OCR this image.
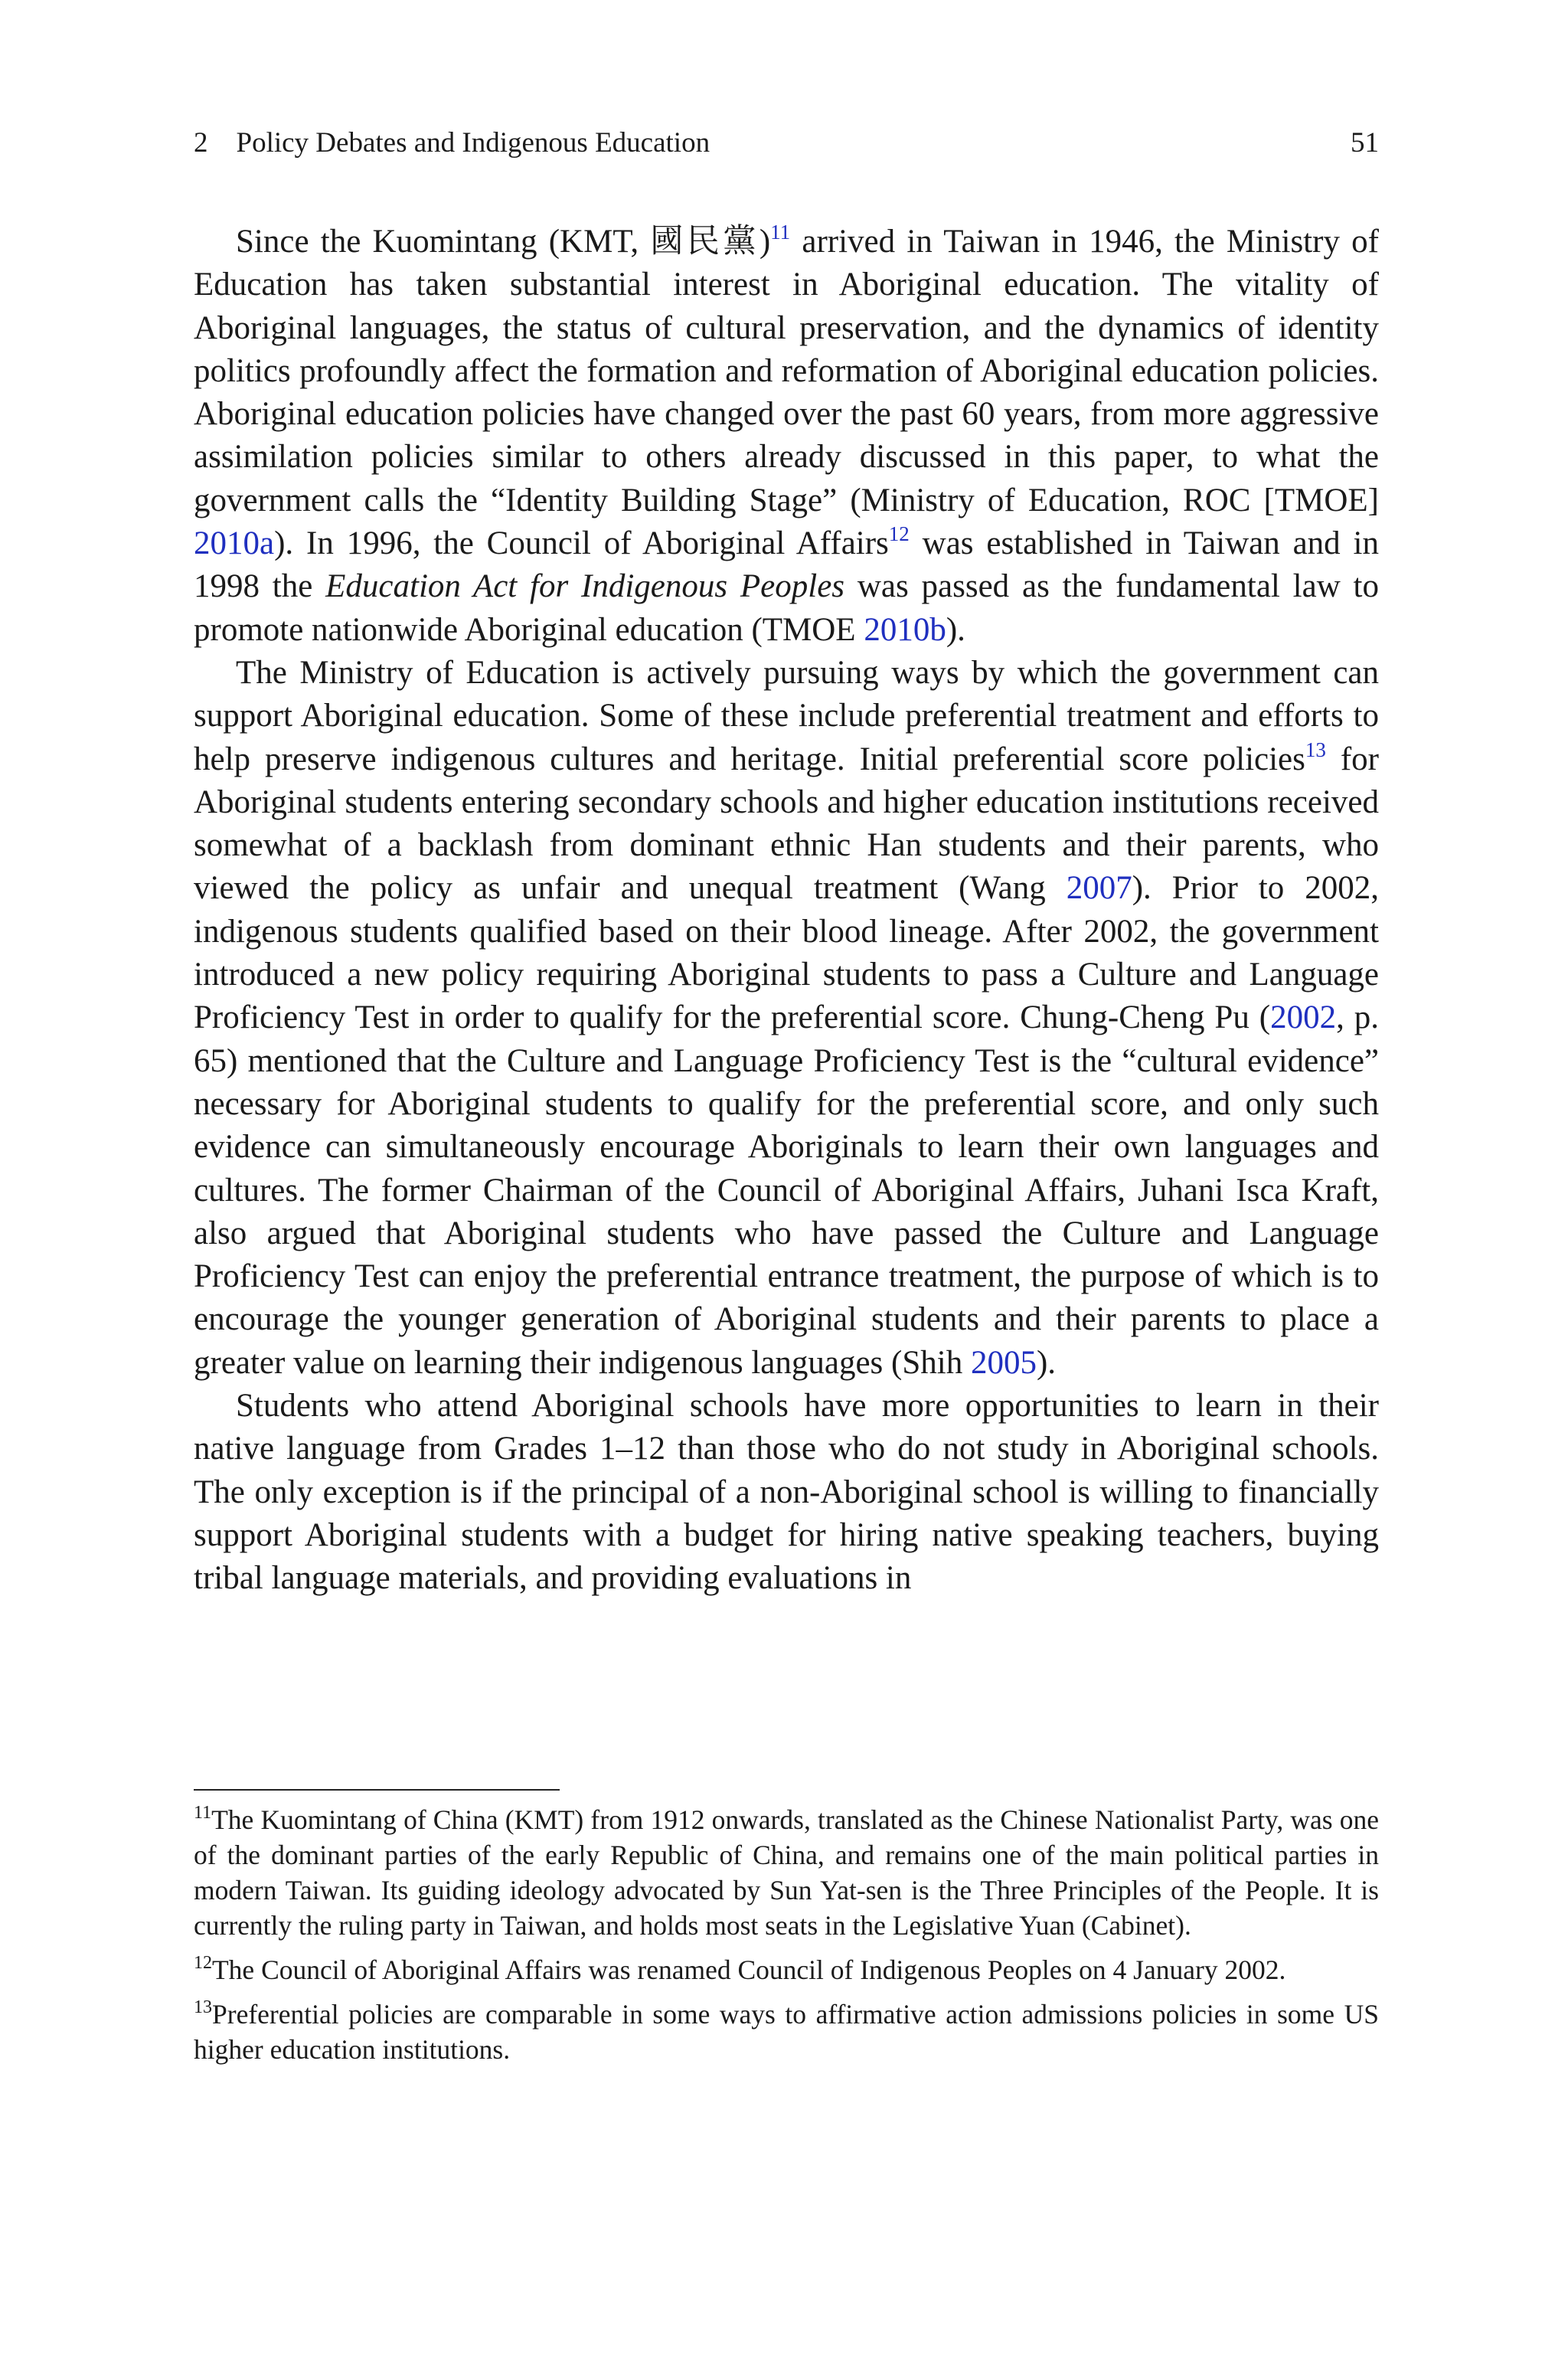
2 Policy Debates and Indigenous Education	51

Since the Kuomintang (KMT, 國民黨)$^{11}$ arrived in Taiwan in 1946, the Ministry of Education has taken substantial interest in Aboriginal education. The vitality of Aboriginal languages, the status of cultural preservation, and the dynamics of identity politics profoundly affect the formation and reformation of Aboriginal education policies. Aboriginal education policies have changed over the past 60 years, from more aggressive assimilation policies similar to others already discussed in this paper, to what the government calls the “Identity Building Stage” (Ministry of Education, ROC [TMOE] 2010a). In 1996, the Council of Aboriginal Affairs$^{12}$ was established in Taiwan and in 1998 the Education Act for Indigenous Peoples was passed as the fundamental law to promote nationwide Aboriginal education (TMOE 2010b).

The Ministry of Education is actively pursuing ways by which the government can support Aboriginal education. Some of these include preferential treatment and efforts to help preserve indigenous cultures and heritage. Initial preferential score policies$^{13}$ for Aboriginal students entering secondary schools and higher education institutions received somewhat of a backlash from dominant ethnic Han students and their parents, who viewed the policy as unfair and unequal treatment (Wang 2007). Prior to 2002, indigenous students qualified based on their blood lineage. After 2002, the government introduced a new policy requiring Aboriginal students to pass a Culture and Language Proficiency Test in order to qualify for the preferential score. Chung-Cheng Pu (2002, p. 65) mentioned that the Culture and Language Proficiency Test is the “cultural evidence” necessary for Aboriginal students to qualify for the preferential score, and only such evidence can simultaneously encourage Aboriginals to learn their own languages and cultures. The former Chairman of the Council of Aboriginal Affairs, Juhani Isca Kraft, also argued that Aboriginal students who have passed the Culture and Language Proficiency Test can enjoy the preferential entrance treatment, the purpose of which is to encourage the younger generation of Aboriginal students and their parents to place a greater value on learning their indigenous languages (Shih 2005).

Students who attend Aboriginal schools have more opportunities to learn in their native language from Grades 1–12 than those who do not study in Aboriginal schools. The only exception is if the principal of a non-Aboriginal school is willing to financially support Aboriginal students with a budget for hiring native speaking teachers, buying tribal language materials, and providing evaluations in

$^{11}$The Kuomintang of China (KMT) from 1912 onwards, translated as the Chinese Nationalist Party, was one of the dominant parties of the early Republic of China, and remains one of the main political parties in modern Taiwan. Its guiding ideology advocated by Sun Yat-sen is the Three Principles of the People. It is currently the ruling party in Taiwan, and holds most seats in the Legislative Yuan (Cabinet).

$^{12}$The Council of Aboriginal Affairs was renamed Council of Indigenous Peoples on 4 January 2002.

$^{13}$Preferential policies are comparable in some ways to affirmative action admissions policies in some US higher education institutions.
